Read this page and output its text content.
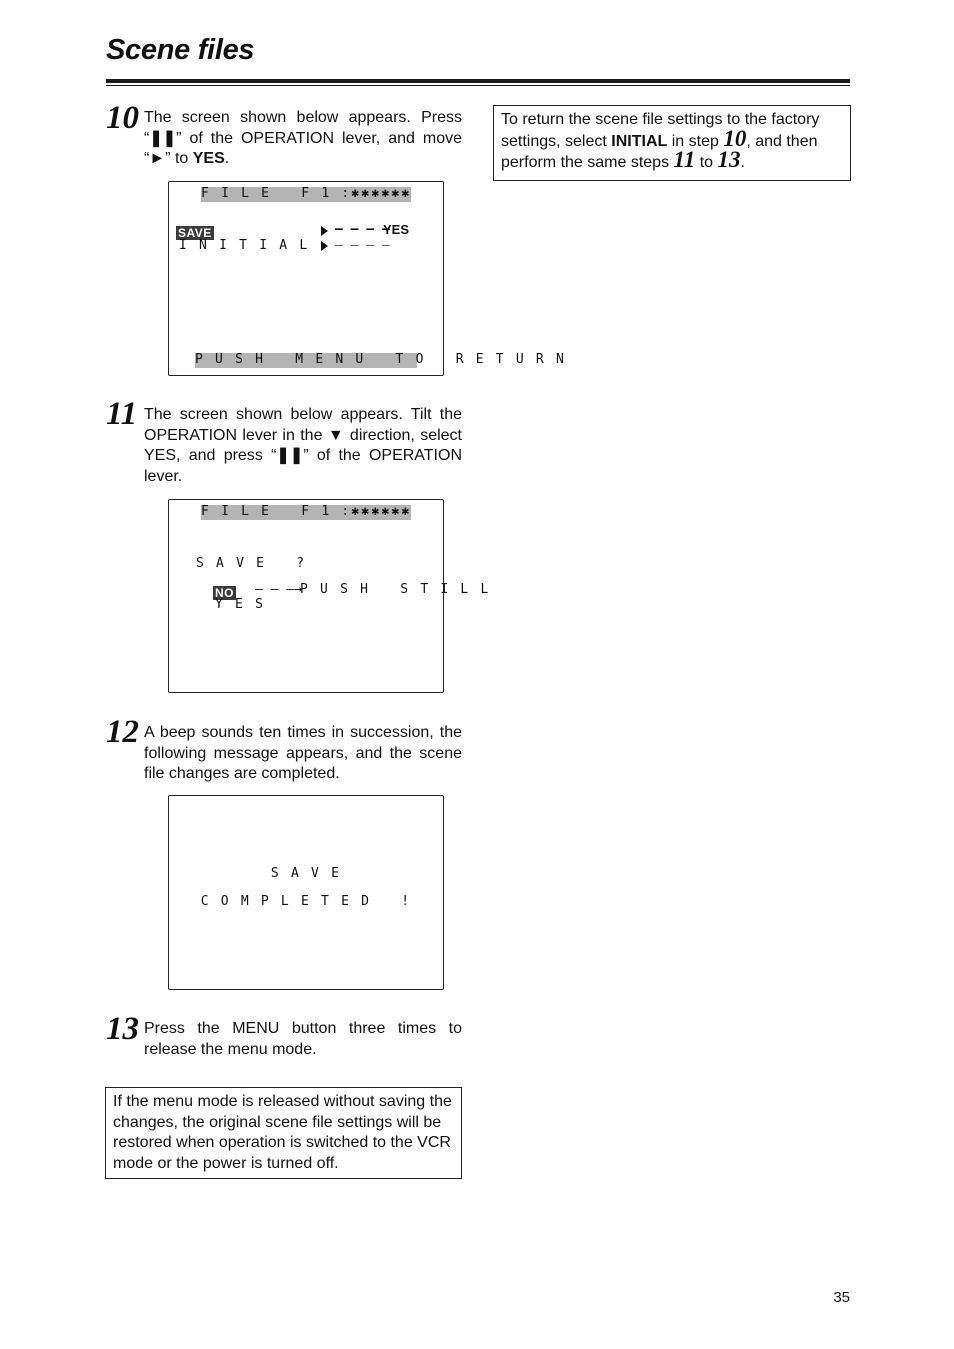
Scene files
10 The screen shown below appears. Press “❚❚” of the OPERATION lever, and move “►” to YES.
F I L E   F 1 :✱✱✱✱✱✱
SAVE
I N I T I A L
– – – –
YES
– – – –
P U S H   M E N U   T O   R E T U R N
11 The screen shown below appears. Tilt the OPERATION lever in the ▼ direction, select YES, and press “❚❚” of the OPERATION lever.
F I L E   F 1 :✱✱✱✱✱✱
S A V E   ?
NO – – –→
P U S H   S T I L L
Y E S
12 A beep sounds ten times in succession, the following message appears, and the scene file changes are completed.
S A V E
C O M P L E T E D   !
13 Press the MENU button three times to release the menu mode.
If the menu mode is released without saving the changes, the original scene file settings will be restored when operation is switched to the VCR mode or the power is turned off.
To return the scene file settings to the factory settings, select INITIAL in step 10, and then perform the same steps 11 to 13.
35
